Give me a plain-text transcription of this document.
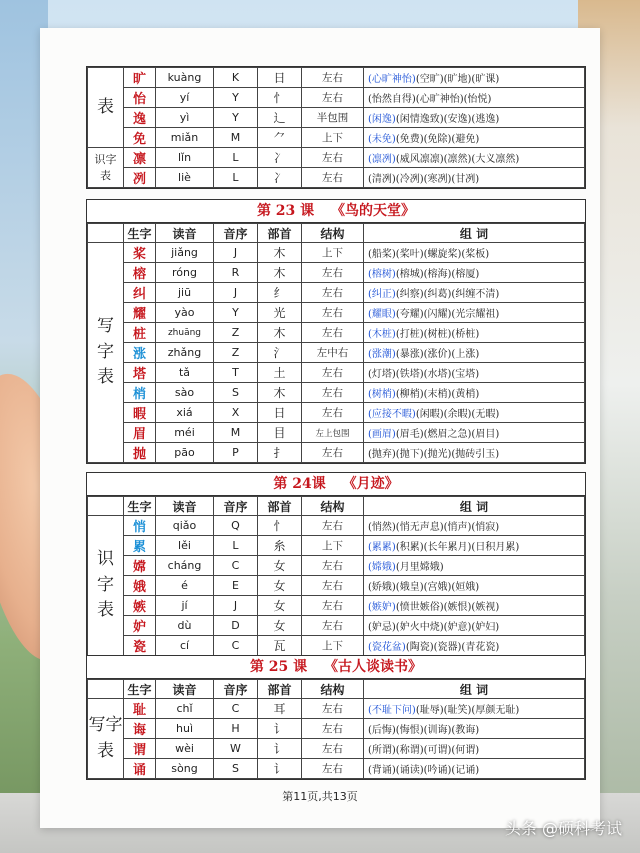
表	旷	kuàng	K	日	左右	(心旷神怡)(空旷)(旷地)(旷课)
	怡	yí	Y	忄	左右	(怡然自得)(心旷神怡)(怡悦)
	逸	yì	Y	辶	半包围	(闲逸)(闲情逸致)(安逸)(逃逸)
	免	miǎn	M	⺈	上下	(未免)(免费)(免除)(避免)
识字
表	凛	lǐn	L	冫	左右	(凛冽)(威风凛凛)(凛然)(大义凛然)
	冽	liè	L	冫	左右	(清冽)(冷冽)(寒冽)(甘冽)
第 23 课 《鸟的天堂》
	生字	读音	音序	部首	结构	组 词
写
字
表	桨	jiǎng	J	木	上下	(船桨)(桨叶)(螺旋桨)(桨板)
	榕	róng	R	木	左右	(榕树)(榕城)(榕海)(榕厦)
	纠	jiū	J	纟	左右	(纠正)(纠察)(纠葛)(纠缠不清)
	耀	yào	Y	光	左右	(耀眼)(夸耀)(闪耀)(光宗耀祖)
	桩	zhuāng	Z	木	左右	(木桩)(打桩)(树桩)(桥桩)
	涨	zhǎng	Z	氵	左中右	(涨潮)(暴涨)(涨价)(上涨)
	塔	tǎ	T	土	左右	(灯塔)(铁塔)(水塔)(宝塔)
	梢	sào	S	木	左右	(树梢)(柳梢)(末梢)(黄梢)
	暇	xiá	X	日	左右	(应接不暇)(闲暇)(余暇)(无暇)
	眉	méi	M	目	左上包围	(画眉)(眉毛)(燃眉之急)(眉目)
	抛	pāo	P	扌	左右	(抛弃)(抛下)(抛光)(抛砖引玉)
第 24课 《月迹》
	生字	读音	音序	部首	结构	组 词
识
字
表	悄	qiǎo	Q	忄	左右	(悄然)(悄无声息)(悄声)(悄寂)
	累	lěi	L	糸	上下	(累累)(积累)(长年累月)(日积月累)
	嫦	cháng	C	女	左右	(嫦娥)(月里嫦娥)
	娥	é	E	女	左右	(娇娥)(娥皇)(宫娥)(姮娥)
	嫉	jí	J	女	左右	(嫉妒)(愤世嫉俗)(嫉恨)(嫉视)
	妒	dù	D	女	左右	(妒忌)(妒火中烧)(妒意)(妒妇)
	瓷	cí	C	瓦	上下	(瓷花盆)(陶瓷)(瓷器)(青花瓷)
第 25 课 《古人谈读书》
	生字	读音	音序	部首	结构	组 词
写字
表	耻	chǐ	C	耳	左右	(不耻下问)(耻辱)(耻笑)(厚颜无耻)
	诲	huì	H	讠	左右	(后悔)(悔恨)(训诲)(教诲)
	谓	wèi	W	讠	左右	(所谓)(称谓)(可谓)(何谓)
	诵	sòng	S	讠	左右	(背诵)(诵读)(吟诵)(记诵)
第11页,共13页
头条 @硕科考试
